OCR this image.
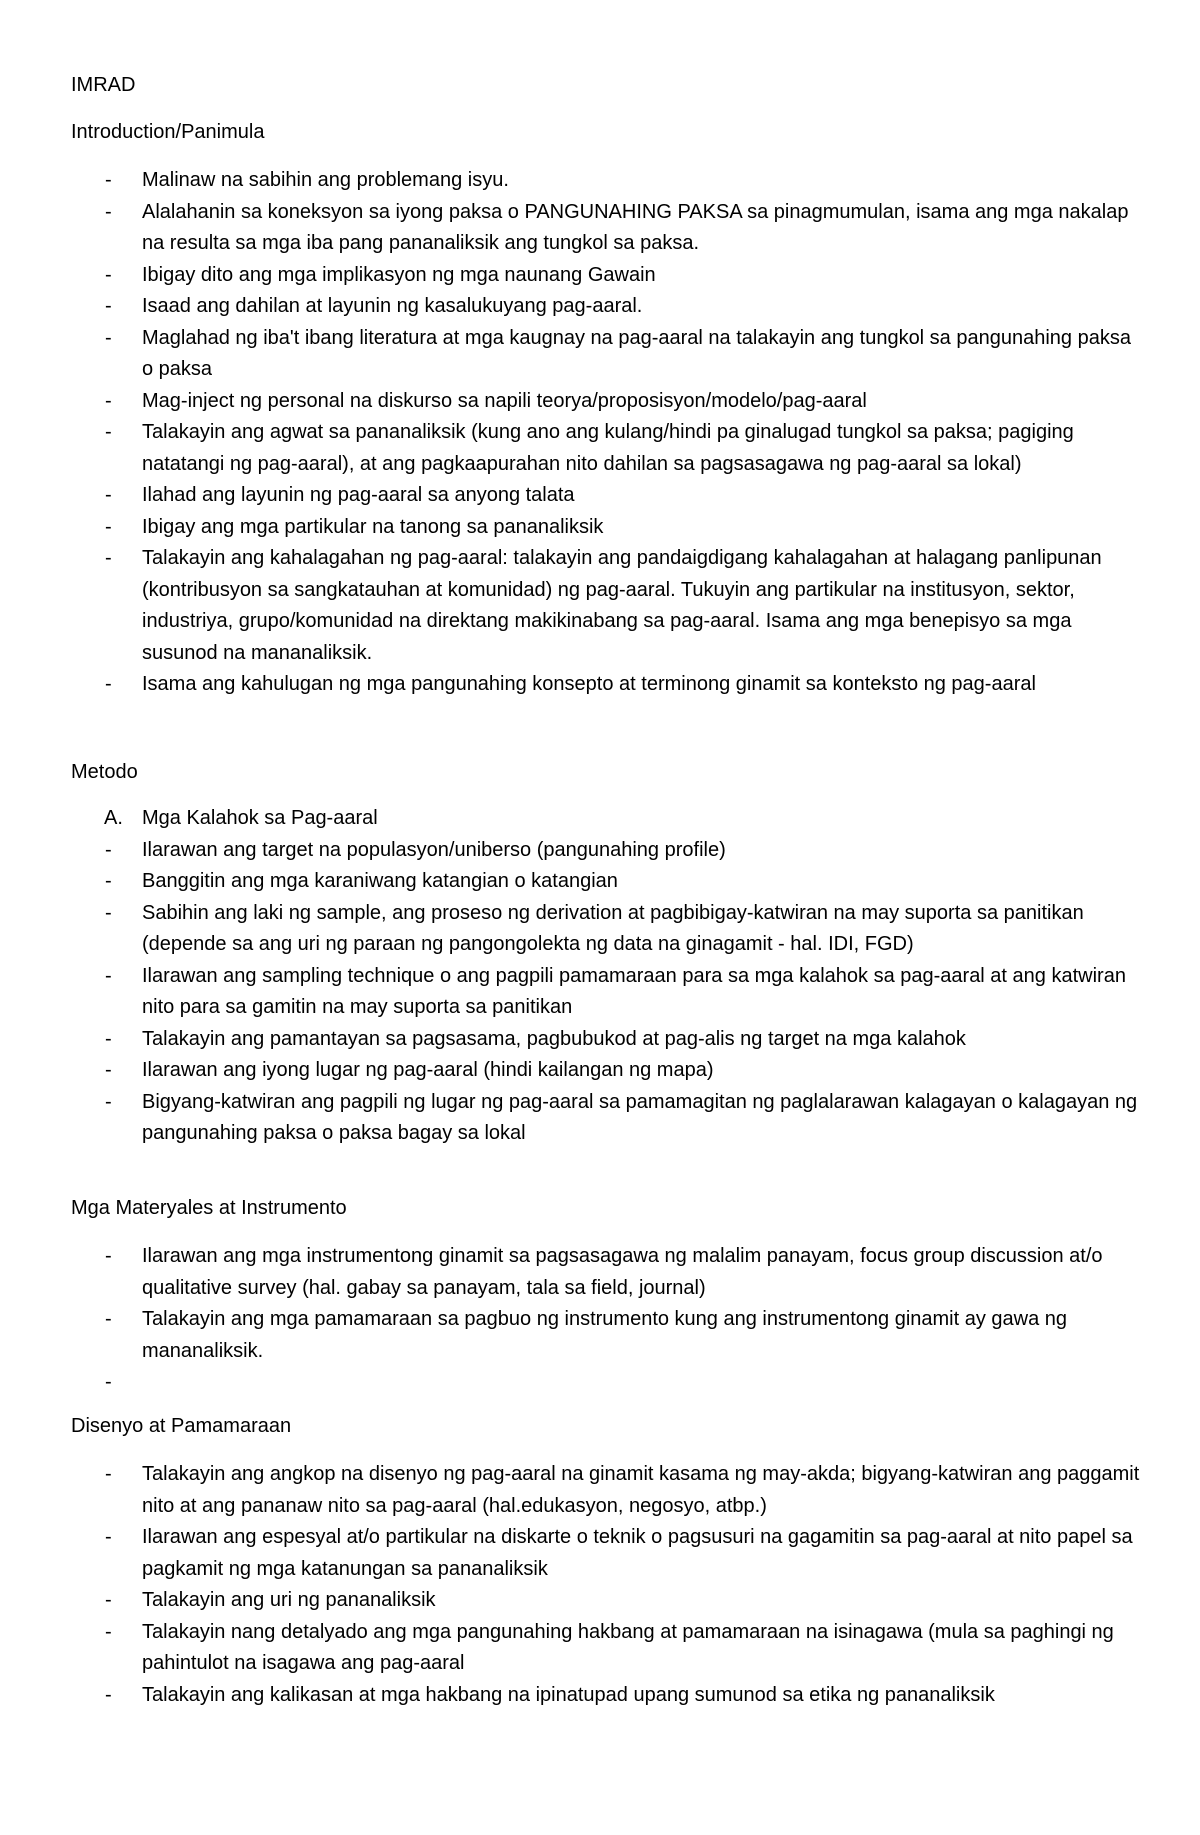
IMRAD
Introduction/Panimula
- Malinaw na sabihin ang problemang isyu.
- Alalahanin sa koneksyon sa iyong paksa o PANGUNAHING PAKSA sa pinagmumulan, isama ang mga nakalap na resulta sa mga iba pang pananaliksik ang tungkol sa paksa.
- Ibigay dito ang mga implikasyon ng mga naunang Gawain
- Isaad ang dahilan at layunin ng kasalukuyang pag-aaral.
- Maglahad ng iba't ibang literatura at mga kaugnay na pag-aaral na talakayin ang tungkol sa pangunahing paksa o paksa
- Mag-inject ng personal na diskurso sa napili teorya/proposisyon/modelo/pag-aaral
- Talakayin ang agwat sa pananaliksik (kung ano ang kulang/hindi pa ginalugad tungkol sa paksa; pagiging natatangi ng pag-aaral), at ang pagkaapurahan nito dahilan sa pagsasagawa ng pag-aaral sa lokal)
- Ilahad ang layunin ng pag-aaral sa anyong talata
- Ibigay ang mga partikular na tanong sa pananaliksik
- Talakayin ang kahalagahan ng pag-aaral: talakayin ang pandaigdigang kahalagahan at halagang panlipunan (kontribusyon sa sangkatauhan at komunidad) ng pag-aaral. Tukuyin ang partikular na institusyon, sektor, industriya, grupo/komunidad na direktang makikinabang sa pag-aaral. Isama ang mga benepisyo sa mga susunod na mananaliksik.
- Isama ang kahulugan ng mga pangunahing konsepto at terminong ginamit sa konteksto ng pag-aaral
Metodo
A. Mga Kalahok sa Pag-aaral
- Ilarawan ang target na populasyon/uniberso (pangunahing profile)
- Banggitin ang mga karaniwang katangian o katangian
- Sabihin ang laki ng sample, ang proseso ng derivation at pagbibigay-katwiran na may suporta sa panitikan (depende sa ang uri ng paraan ng pangongolekta ng data na ginagamit - hal. IDI, FGD)
- Ilarawan ang sampling technique o ang pagpili pamamaraan para sa mga kalahok sa pag-aaral at ang katwiran nito para sa gamitin na may suporta sa panitikan
- Talakayin ang pamantayan sa pagsasama, pagbubukod at pag-alis ng target na mga kalahok
- Ilarawan ang iyong lugar ng pag-aaral (hindi kailangan ng mapa)
- Bigyang-katwiran ang pagpili ng lugar ng pag-aaral sa pamamagitan ng paglalarawan kalagayan o kalagayan ng pangunahing paksa o paksa bagay sa lokal
Mga Materyales at Instrumento
- Ilarawan ang mga instrumentong ginamit sa pagsasagawa ng malalim panayam, focus group discussion at/o qualitative survey (hal. gabay sa panayam, tala sa field, journal)
- Talakayin ang mga pamamaraan sa pagbuo ng instrumento kung ang instrumentong ginamit ay gawa ng mananaliksik.
-
Disenyo at Pamamaraan
- Talakayin ang angkop na disenyo ng pag-aaral na ginamit kasama ng may-akda; bigyang-katwiran ang paggamit nito at ang pananaw nito sa pag-aaral (hal.edukasyon, negosyo, atbp.)
- Ilarawan ang espesyal at/o partikular na diskarte o teknik o pagsusuri na gagamitin sa pag-aaral at nito papel sa pagkamit ng mga katanungan sa pananaliksik
- Talakayin ang uri ng pananaliksik
- Talakayin nang detalyado ang mga pangunahing hakbang at pamamaraan na isinagawa (mula sa paghingi ng pahintulot na isagawa ang pag-aaral
- Talakayin ang kalikasan at mga hakbang na ipinatupad upang sumunod sa etika ng pananaliksik
